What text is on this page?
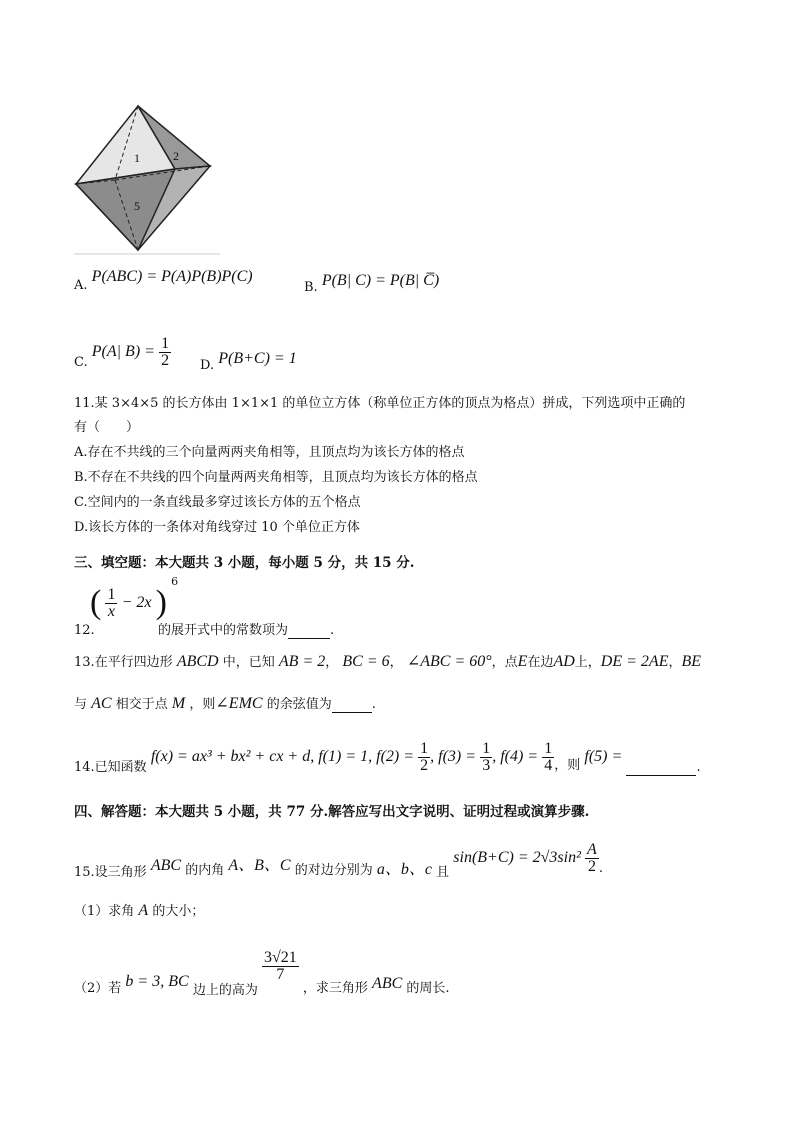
1	2
5
A. P(ABC) = P(A)P(B)P(C)
B. P(B| C) = P(B| C̅)
C. P(A| $B) = \frac{1}{2} D$. P(B+C) = 1
11.某 3×4×5 的长方体由 1×1×1 的单位立方体（称单位正方体的顶点为格点）拼成，下列选项中正确的
有（　　）
A.存在不共线的三个向量两两夹角相等，且顶点均为该长方体的格点
B.不存在不共线的四个向量两两夹角相等，且顶点均为该长方体的格点
C.空间内的一条直线最多穿过该长方体的五个格点
D.该长方体的一条体对角线穿过 10 个单位正方体
三、填空题：本大题共 3 小题，每小题 5 分，共 15 分.
12.
( $\frac{1}{x} - 2x$ ) $^6$
的展开式中的常数项为	.
13.在平行四边形 ABCD 中，已知 AB = 2， BC = 6， ∠ABC = 60°，点E在边AD上，DE = 2AE，BE
与 AC 相交于点 M ，则∠EMC 的余弦值为	.
14.已知函数 f(x) = ax³ + bx² + cx + d, f(1) = 1, $f(2) = \frac{1}{2}$ , $f(3) = \frac{1}{3}$ , $f(4) = \frac{1}{4}$ ，则 f(5) =  .
四、解答题：本大题共 5 小题，共 77 分.解答应写出文字说明、证明过程或演算步骤.
15.设三角形 ABC 的内角 A、B、C 的对边分别为 a、b、c 且 $\sin(B+C) = 2√3\sin^2 \frac{A}{2}$ .
（1）求角 A 的大小；
（2）若 b = 3, BC 边上的高为
$\frac{3√21}{7}$
，求三角形 ABC 的周长.
